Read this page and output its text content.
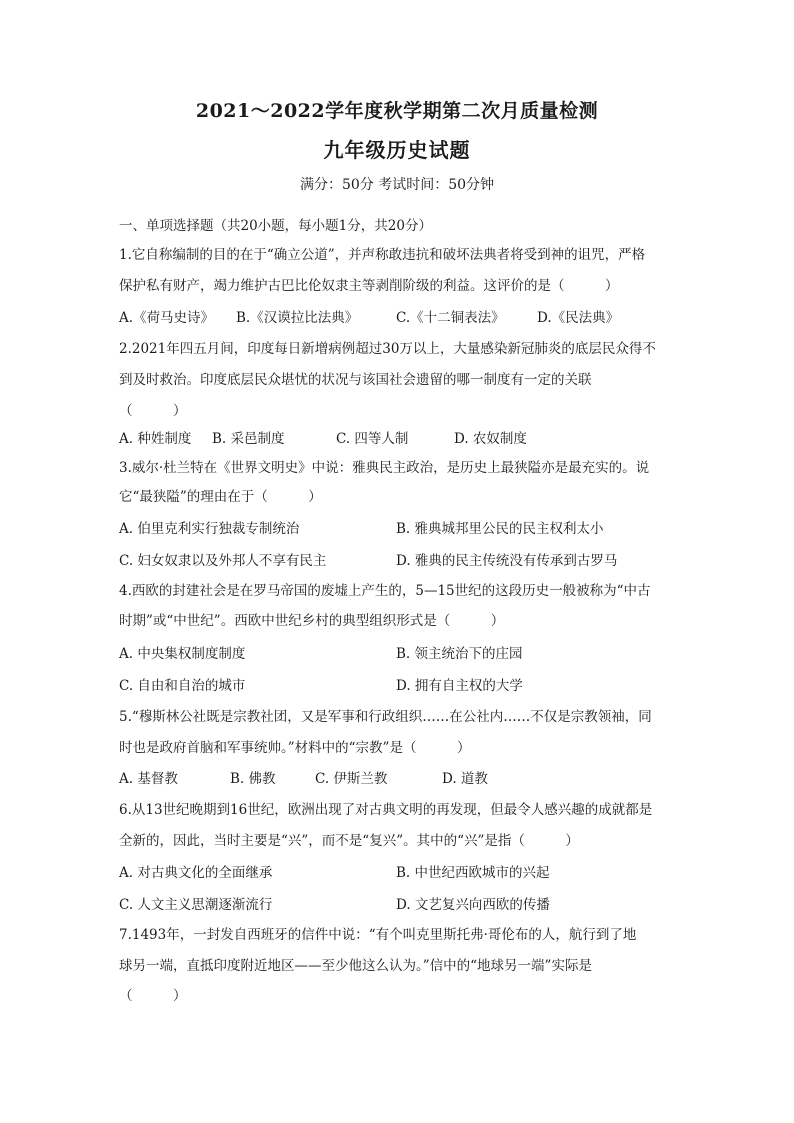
2021～2022学年度秋学期第二次月质量检测
九年级历史试题
满分：50分 考试时间：50分钟
一、单项选择题（共20小题，每小题1分，共20分）
1.它自称编制的目的在于“确立公道”，并声称敢违抗和破坏法典者将受到神的诅咒，严格
保护私有财产，竭力维护古巴比伦奴隶主等剥削阶级的利益。这评价的是（　　　）
A.《荷马史诗》 B.《汉谟拉比法典》	C.《十二铜表法》 D.《民法典》
2.2021年四五月间，印度每日新增病例超过30万以上，大量感染新冠肺炎的底层民众得不
到及时救治。印度底层民众堪忧的状况与该国社会遗留的哪一制度有一定的关联
（　　　）
A. 种姓制度 B. 采邑制度	C. 四等人制	D. 农奴制度
3.威尔·杜兰特在《世界文明史》中说：雅典民主政治，是历史上最狭隘亦是最充实的。说
它“最狭隘”的理由在于（　　　）
A. 伯里克利实行独裁专制统治	B. 雅典城邦里公民的民主权利太小
C. 妇女奴隶以及外邦人不享有民主	D. 雅典的民主传统没有传承到古罗马
4.西欧的封建社会是在罗马帝国的废墟上产生的，5—15世纪的这段历史一般被称为“中古
时期”或“中世纪”。西欧中世纪乡村的典型组织形式是（　　　）
A. 中央集权制度制度	B. 领主统治下的庄园
C. 自由和自治的城市	D. 拥有自主权的大学
5.“穆斯林公社既是宗教社团，又是军事和行政组织……在公社内……不仅是宗教领袖，同
时也是政府首脑和军事统帅。”材料中的“宗教”是（　　　）
A. 基督教	B. 佛教	C. 伊斯兰教	D. 道教
6.从13世纪晚期到16世纪，欧洲出现了对古典文明的再发现，但最令人感兴趣的成就都是
全新的，因此，当时主要是“兴”，而不是“复兴”。其中的“兴”是指（　　　）
A. 对古典文化的全面继承	B. 中世纪西欧城市的兴起
C. 人文主义思潮逐渐流行	D. 文艺复兴向西欧的传播
7.1493年，一封发自西班牙的信件中说：“有个叫克里斯托弗·哥伦布的人，航行到了地
球另一端，直抵印度附近地区——至少他这么认为。”信中的“地球另一端”实际是
（　　　）
